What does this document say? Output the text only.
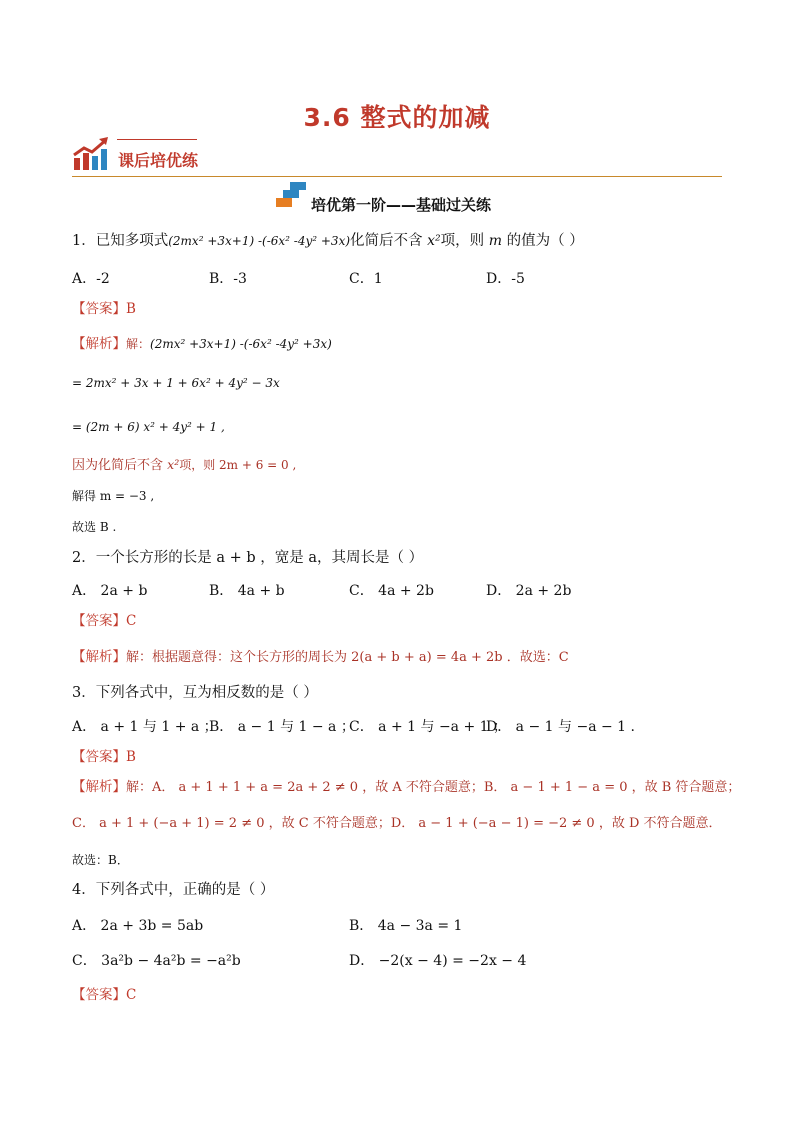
3.6 整式的加减
课后培优练
培优第一阶——基础过关练
1．已知多项式(2mx² +3x+1) -(-6x² -4y² +3x)化简后不含 x²项，则 m 的值为（ ）
A．-2	B．-3	C．1	D．-5
【答案】B
【解析】解：(2mx² +3x+1) -(-6x² -4y² +3x)
= 2mx² + 3x + 1 + 6x² + 4y² − 3x
= (2m + 6) x² + 4y² + 1 ,
因为化简后不含 x²项，则 2m + 6 = 0 ,
解得 m = −3 ,
故选 B .
2．一个长方形的长是 a + b ，宽是 a，其周长是（ ）
A． 2a + b	B． 4a + b	C． 4a + 2b	D． 2a + 2b
【答案】C
【解析】解：根据题意得：这个长方形的周长为 2(a + b + a) = 4a + 2b ．故选：C
3．下列各式中，互为相反数的是（ ）
A． a + 1 与 1 + a ；
B． a − 1 与 1 − a ；
C． a + 1 与 −a + 1 ；
D． a − 1 与 −a − 1 .
【答案】B
【解析】解：A． a + 1 + 1 + a = 2a + 2 ≠ 0 ，故 A 不符合题意；B． a − 1 + 1 − a = 0 ，故 B 符合题意；
C． a + 1 + (−a + 1) = 2 ≠ 0 ，故 C 不符合题意；D． a − 1 + (−a − 1) = −2 ≠ 0 ，故 D 不符合题意．
故选：B．
4．下列各式中，正确的是（ ）
A． 2a + 3b = 5ab	B． 4a − 3a = 1
C． 3a²b − 4a²b = −a²b	D． −2(x − 4) = −2x − 4
【答案】C
